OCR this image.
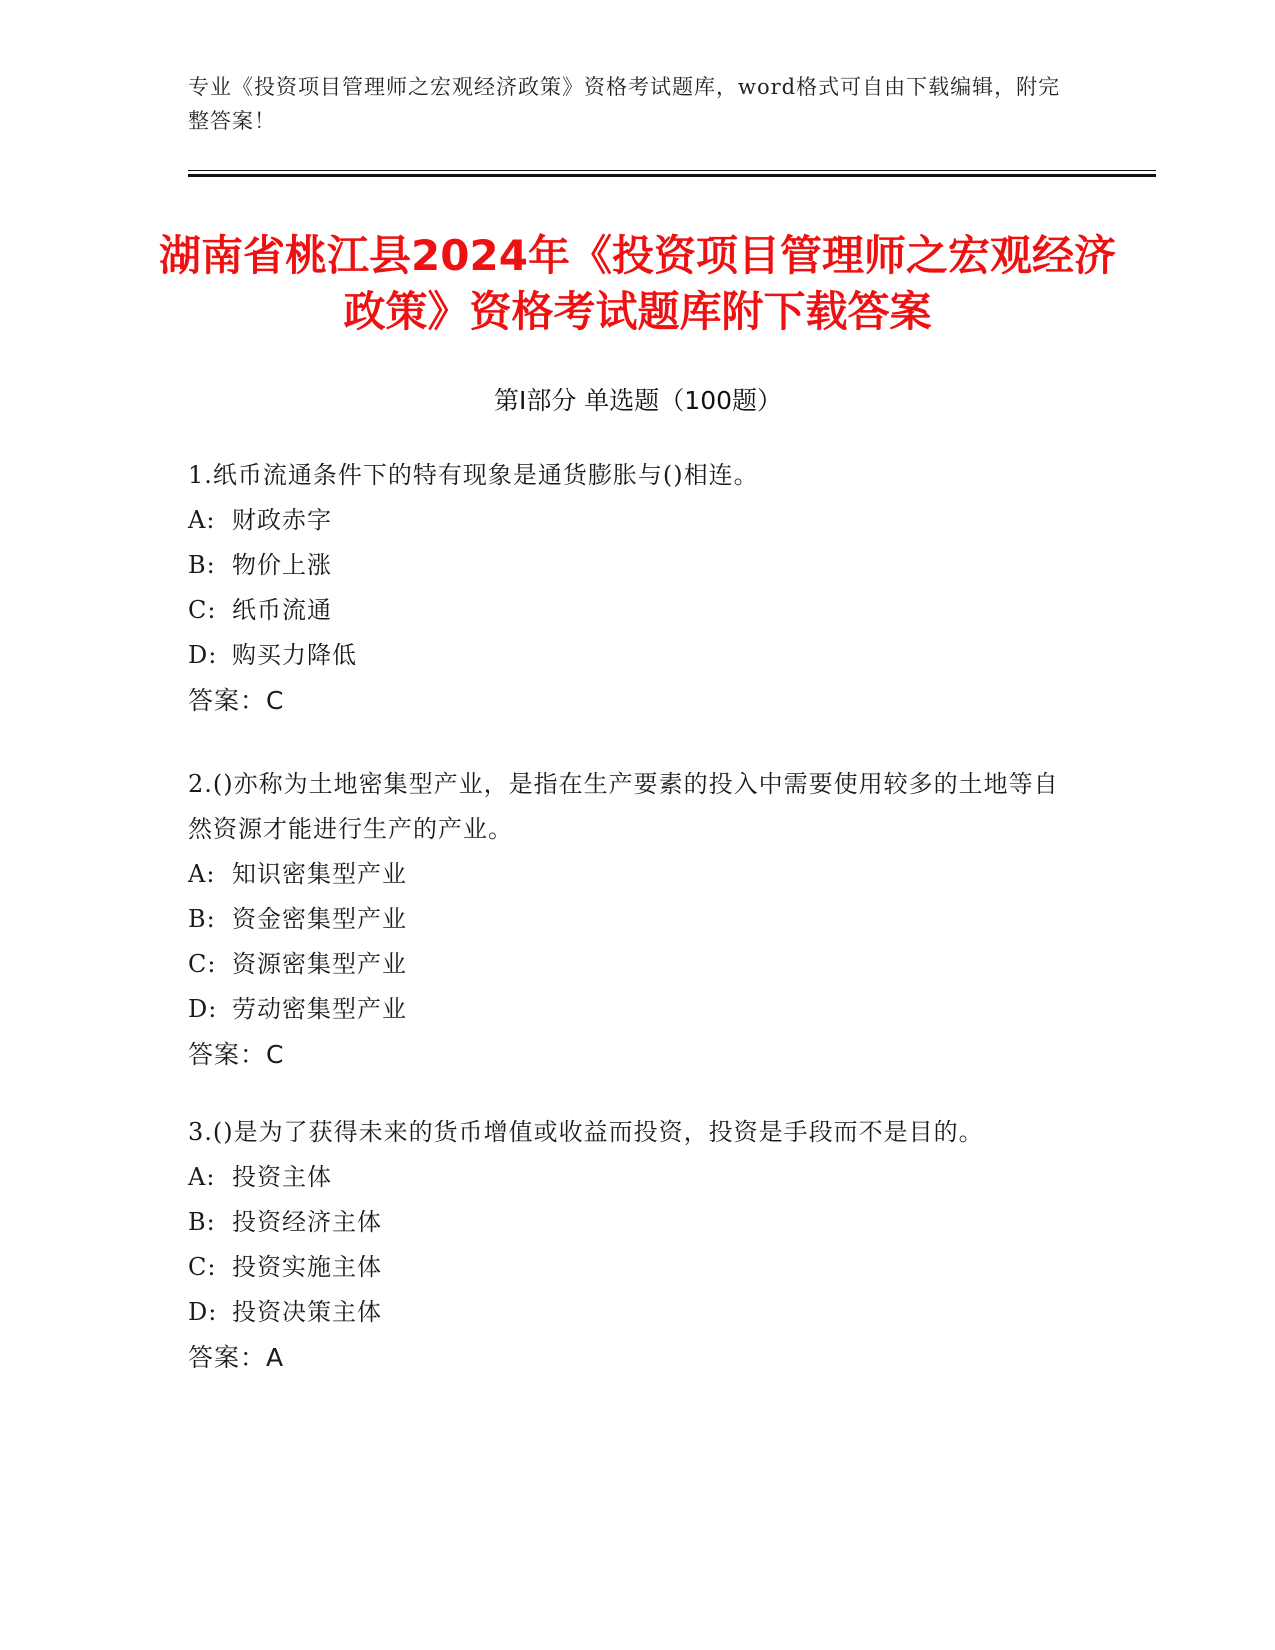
专业《投资项目管理师之宏观经济政策》资格考试题库，word格式可自由下载编辑，附完整答案！
湖南省桃江县2024年《投资项目管理师之宏观经济政策》资格考试题库附下载答案
第Ⅰ部分 单选题（100题）

1.纸币流通条件下的特有现象是通货膨胀与()相连。

A: 财政赤字

B: 物价上涨

C: 纸币流通

D: 购买力降低

答案：C

2.()亦称为土地密集型产业，是指在生产要素的投入中需要使用较多的土地等自然资源才能进行生产的产业。

A: 知识密集型产业

B: 资金密集型产业

C: 资源密集型产业

D: 劳动密集型产业

答案：C

3.()是为了获得未来的货币增值或收益而投资，投资是手段而不是目的。

A: 投资主体

B: 投资经济主体

C: 投资实施主体

D: 投资决策主体

答案：A
